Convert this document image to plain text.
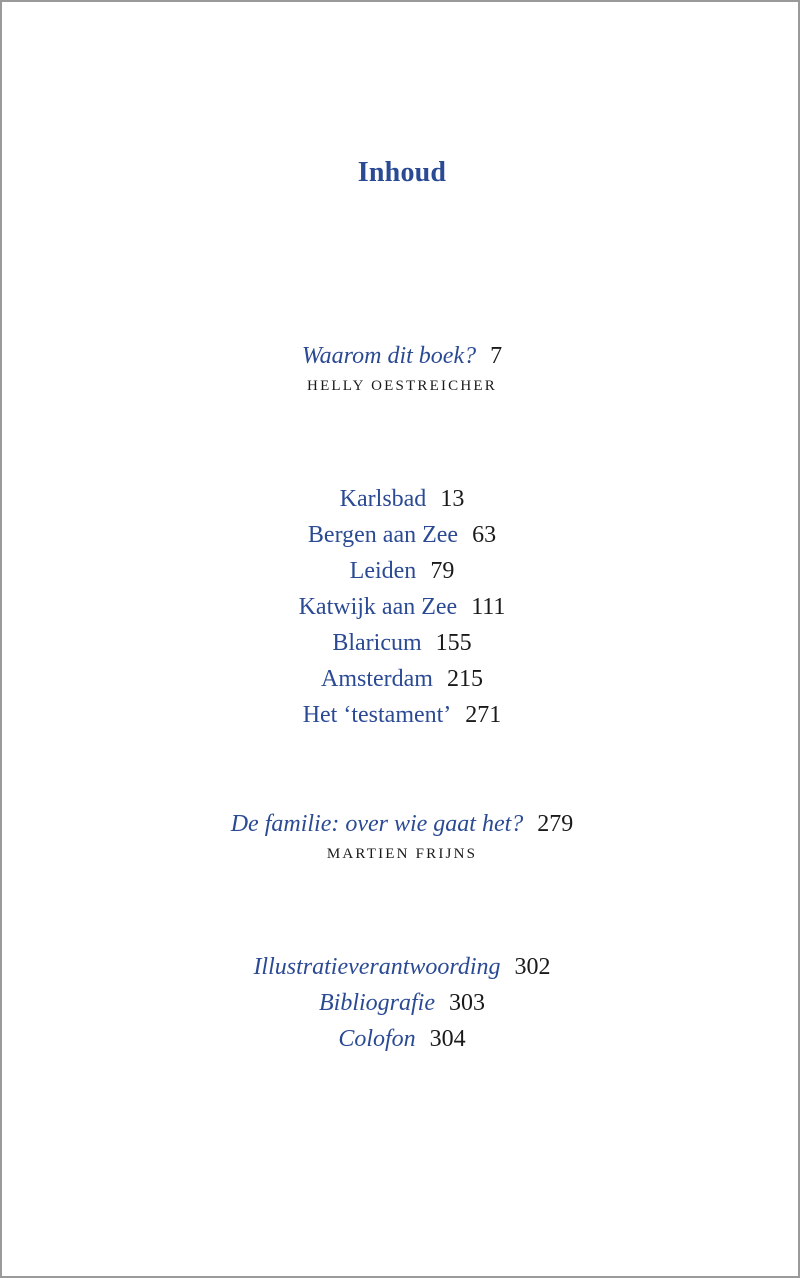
Inhoud
Waarom dit boek? 7
HELLY OESTREICHER
Karlsbad 13
Bergen aan Zee 63
Leiden 79
Katwijk aan Zee 111
Blaricum 155
Amsterdam 215
Het ‘testament’ 271
De familie: over wie gaat het? 279
MARTIEN FRIJNS
Illustratieverantwoording 302
Bibliografie 303
Colofon 304
